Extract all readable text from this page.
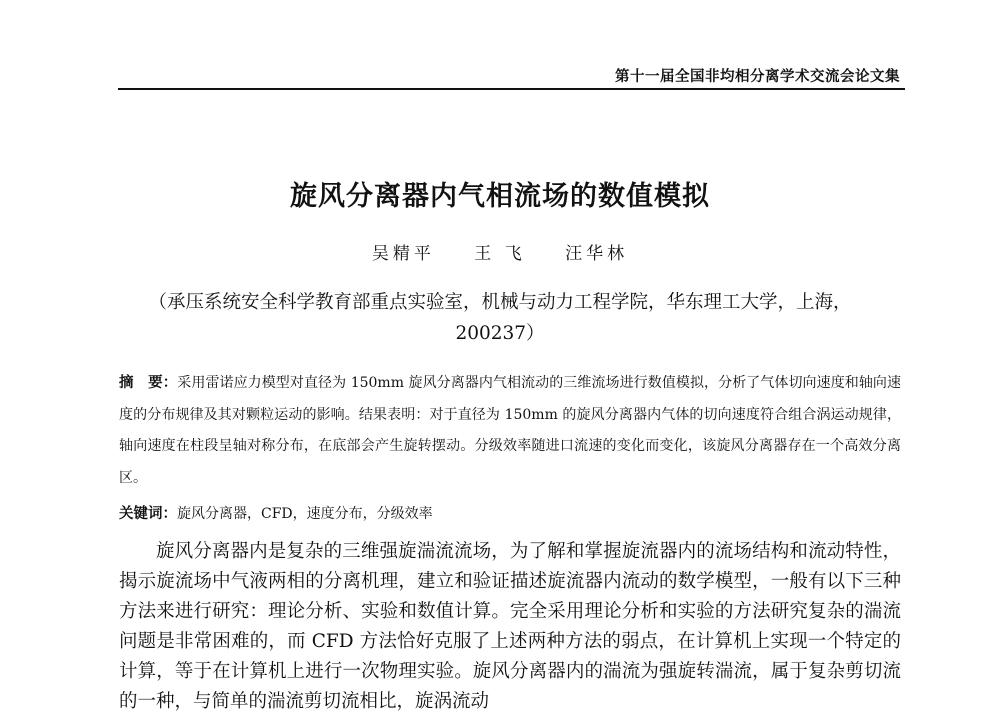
第十一届全国非均相分离学术交流会论文集
旋风分离器内气相流场的数值模拟
吴精平 王 飞 汪华林
（承压系统安全科学教育部重点实验室，机械与动力工程学院，华东理工大学，上海，
200237）
摘　要：采用雷诺应力模型对直径为 150mm 旋风分离器内气相流动的三维流场进行数值模拟，分析了气体切向速度和轴向速度的分布规律及其对颗粒运动的影响。结果表明：对于直径为 150mm 的旋风分离器内气体的切向速度符合组合涡运动规律，轴向速度在柱段呈轴对称分布，在底部会产生旋转摆动。分级效率随进口流速的变化而变化，该旋风分离器存在一个高效分离区。
关键词：旋风分离器，CFD，速度分布，分级效率
旋风分离器内是复杂的三维强旋湍流流场，为了解和掌握旋流器内的流场结构和流动特性，揭示旋流场中气液两相的分离机理，建立和验证描述旋流器内流动的数学模型，一般有以下三种方法来进行研究：理论分析、实验和数值计算。完全采用理论分析和实验的方法研究复杂的湍流问题是非常困难的，而 CFD 方法恰好克服了上述两种方法的弱点，在计算机上实现一个特定的计算，等于在计算机上进行一次物理实验。旋风分离器内的湍流为强旋转湍流，属于复杂剪切流的一种，与简单的湍流剪切流相比，旋涡流动
